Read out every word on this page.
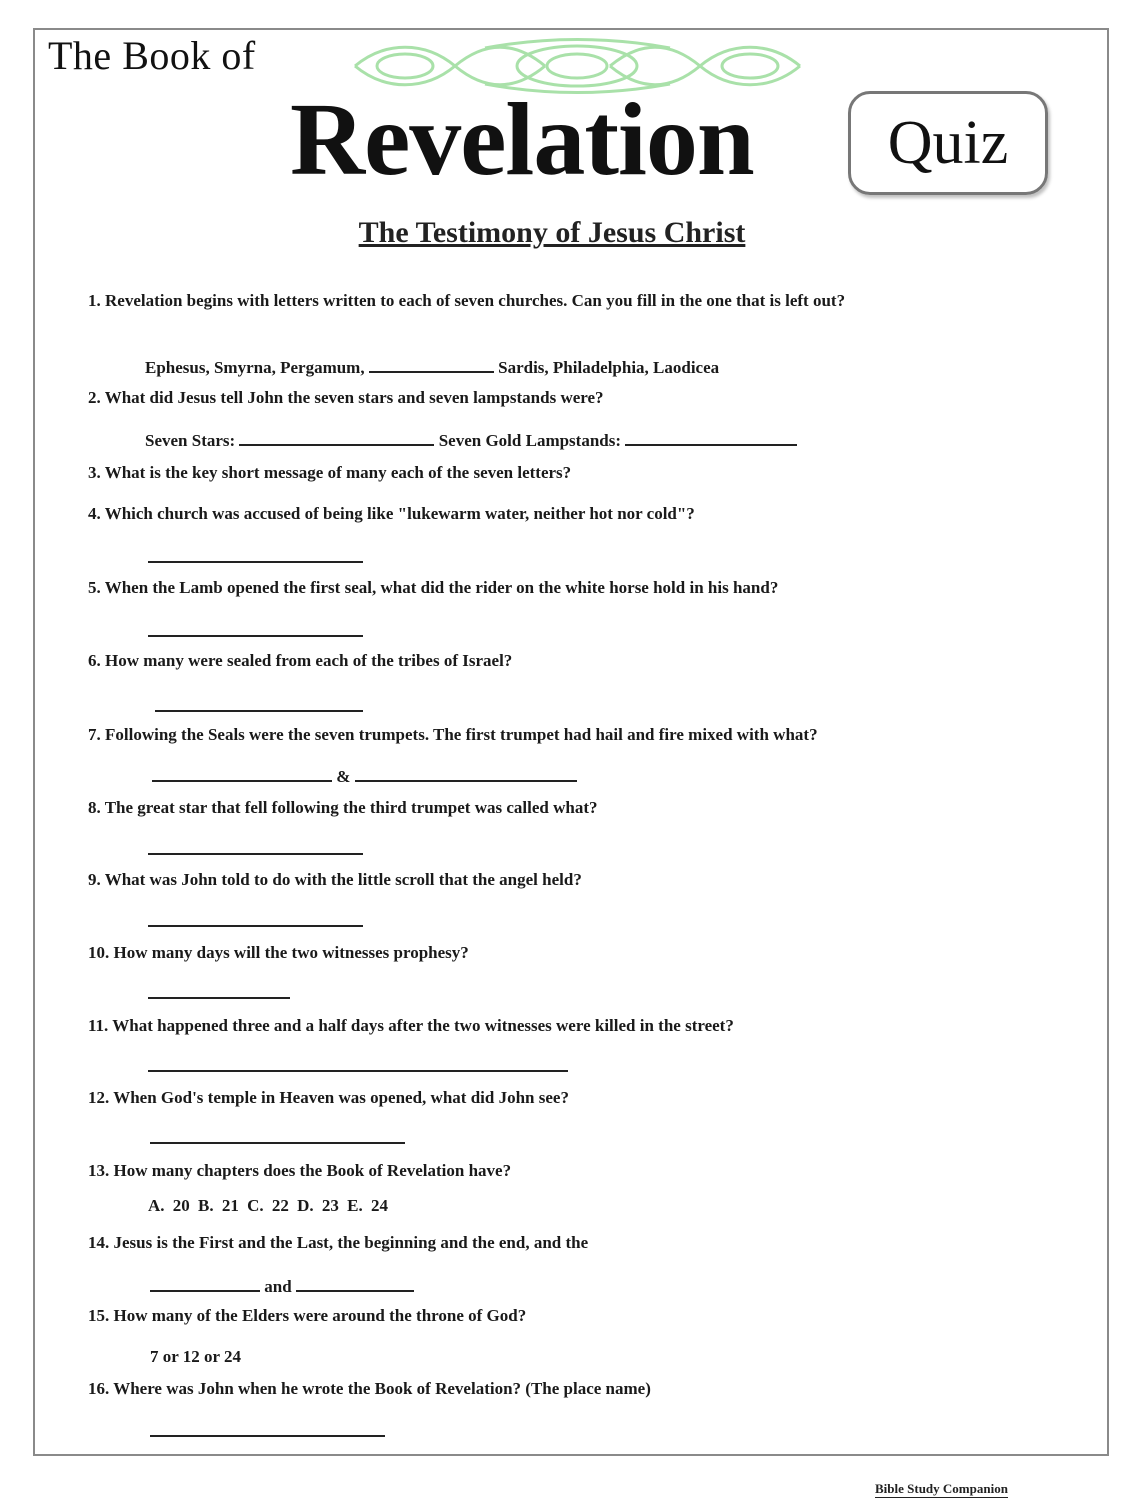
The Book of
Revelation Quiz
The Testimony of Jesus Christ
1. Revelation begins with letters written to each of seven churches. Can you fill in the one that is left out?
Ephesus, Smyrna, Pergamum,	Sardis, Philadelphia, Laodicea
2. What did Jesus tell John the seven stars and seven lampstands were?
Seven Stars:	Seven Gold Lampstands:
3. What is the key short message of many each of the seven letters?
4. Which church was accused of being like "lukewarm water, neither hot nor cold"?
5. When the Lamb opened the first seal, what did the rider on the white horse hold in his hand?
6. How many were sealed from each of the tribes of Israel?
7. Following the Seals were the seven trumpets. The first trumpet had hail and fire mixed with what?
&
8. The great star that fell following the third trumpet was called what?
9. What was John told to do with the little scroll that the angel held?
10. How many days will the two witnesses prophesy?
11. What happened three and a half days after the two witnesses were killed in the street?
12. When God's temple in Heaven was opened, what did John see?
13. How many chapters does the Book of Revelation have?
A. 20 B. 21 C. 22 D. 23 E. 24
14. Jesus is the First and the Last, the beginning and the end, and the
and
15. How many of the Elders were around the throne of God?
7 or 12 or 24
16. Where was John when he wrote the Book of Revelation? (The place name)
Bible Study Companion
